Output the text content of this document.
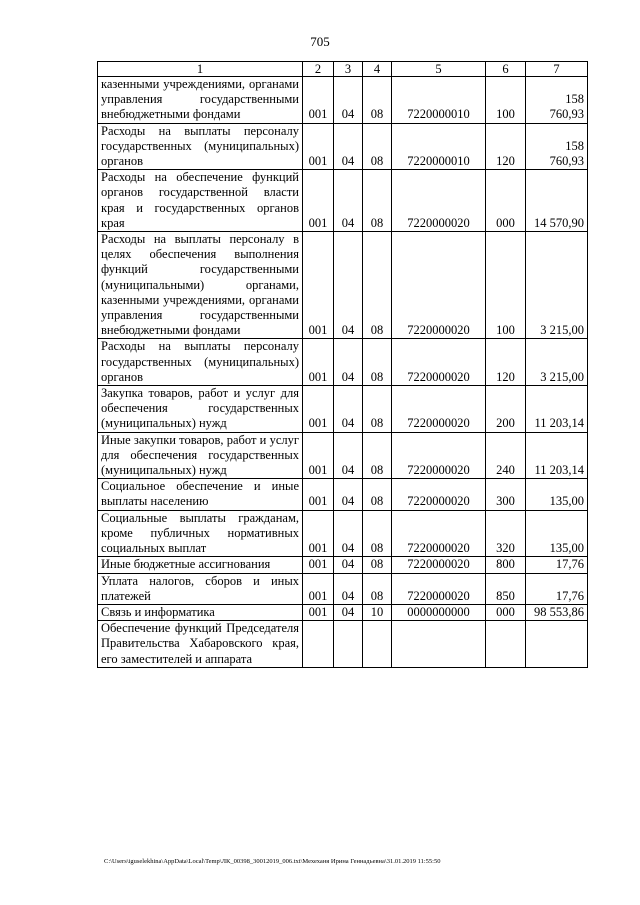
705
1	2	3	4	5	6	7
казенными учреждениями, органами управления государственными внебюджетными фондами	001	04	08	7220000010	100	158 760,93
Расходы на выплаты персоналу государственных (муниципальных) органов	001	04	08	7220000010	120	158 760,93
Расходы на обеспечение функций органов государственной власти края и государственных органов края	001	04	08	7220000020	000	14 570,90
Расходы на выплаты персоналу в целях обеспечения выполнения функций государственными (муниципальными) органами, казенными учреждениями, органами управления государственными внебюджетными фондами	001	04	08	7220000020	100	3 215,00
Расходы на выплаты персоналу государственных (муниципальных) органов	001	04	08	7220000020	120	3 215,00
Закупка товаров, работ и услуг для обеспечения государственных (муниципальных) нужд	001	04	08	7220000020	200	11 203,14
Иные закупки товаров, работ и услуг для обеспечения государственных (муниципальных) нужд	001	04	08	7220000020	240	11 203,14
Социальное обеспечение и иные выплаты населению	001	04	08	7220000020	300	135,00
Социальные выплаты гражданам, кроме публичных нормативных социальных выплат	001	04	08	7220000020	320	135,00
Иные бюджетные ассигнования	001	04	08	7220000020	800	17,76
Уплата налогов, сборов и иных платежей	001	04	08	7220000020	850	17,76
Связь и информатика	001	04	10	0000000000	000	98 553,86
Обеспечение функций Председателя Правительства Хабаровского края, его заместителей и аппарата						
C:\Users\iguselekhina\AppData\Local\Temp\ЛК_00398_30012019_006.txt\Мехеханя Ирина Геннадьевна\31.01.2019 11:55:50
